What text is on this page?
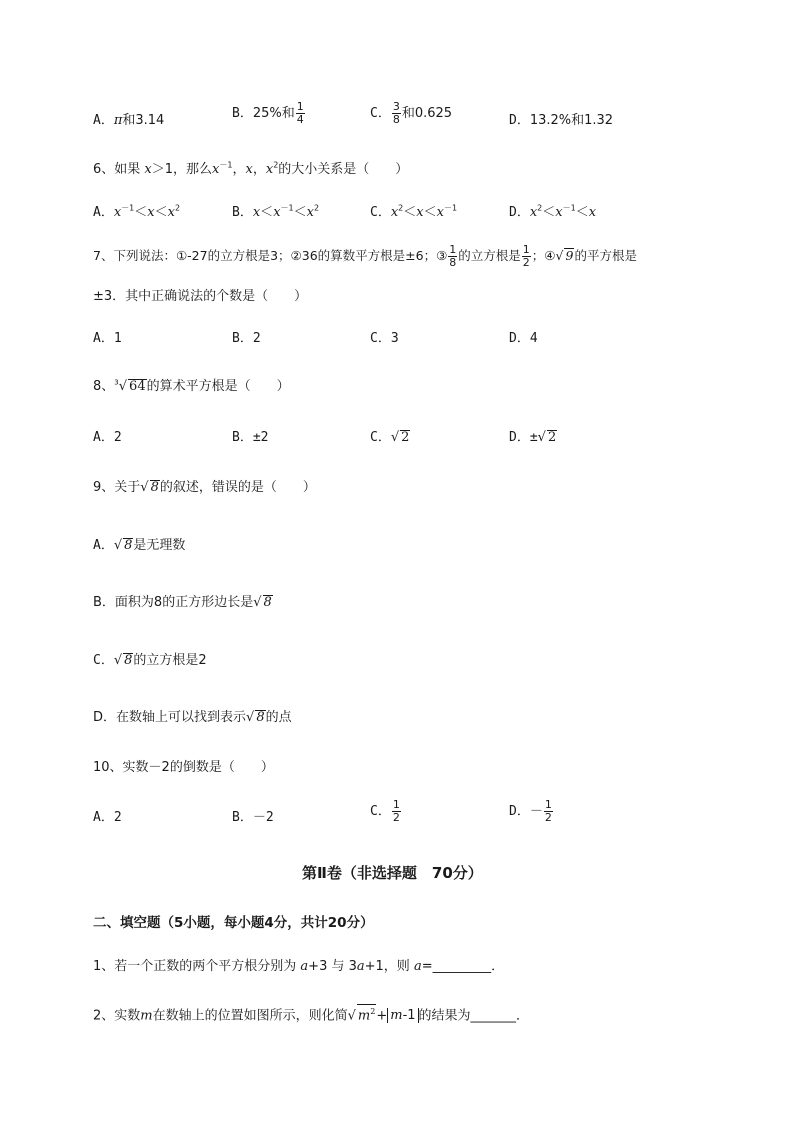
A．π和3.14	B．25%和 $\frac{1}{4}$	C． $\frac{3}{8}$ 和0.625	D．13.2%和1.32
6、如果 x＞1，那么$x^{-1}$，x，$x^2$的大小关系是（　　）
A．$x^{-1}<x<x^2$	B．$x<x^{-1}<x^2$	C．$x^2<x<x^{-1}$	D．$x^2<x^{-1}<x$
7、下列说法：①-27的立方根是3；②36的算数平方根是±6；③ $\frac{1}{8}$ 的立方根是 $\frac{1}{2}$ ；④√ 9的平方根是
±3．其中正确说法的个数是（　　）
A．1	B．2	C．3	D．4
8、$^3$√ 64的算术平方根是（　　）
A．2	B．±2	C．√ 2	D．±√ 2
9、关于√ 8的叙述，错误的是（　　）
A．√ 8是无理数
B．面积为8的正方形边长是√ 8
C．√ 8的立方根是2
D．在数轴上可以找到表示√ 8的点
10、实数－2的倒数是（　　）
A．2	B．－2	C． $\frac{1}{2}$	D．－ $\frac{1}{2}$
第Ⅱ卷（非选择题　70分）
二、填空题（5小题，每小题4分，共计20分）
1、若一个正数的两个平方根分别为 a+3 与 3a+1，则 a=_________．
2、实数m在数轴上的位置如图所示，则化简√ $m^2+ m-1$ 的结果为_______．
